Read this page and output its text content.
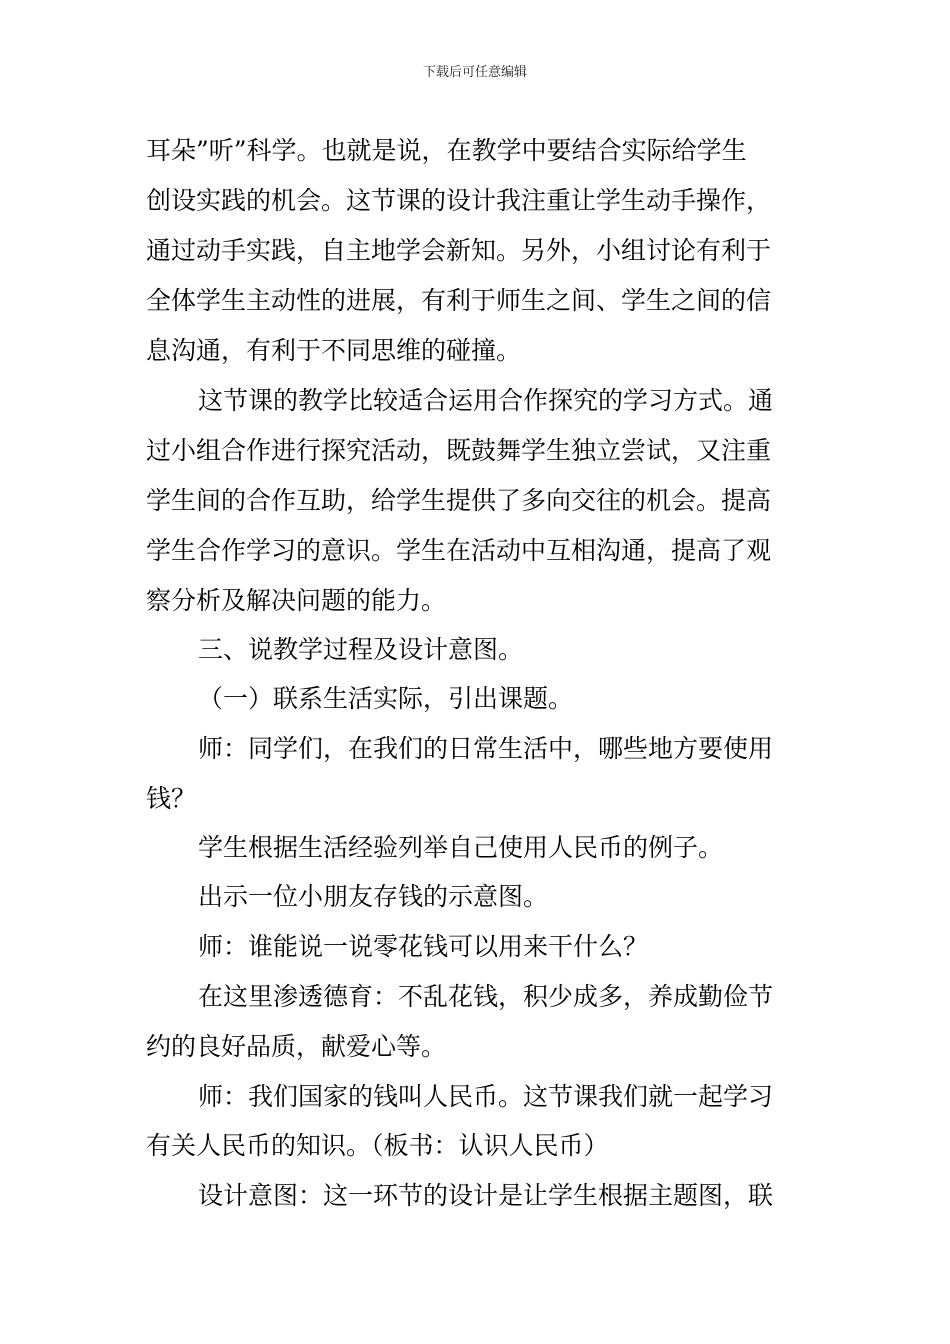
下载后可任意编辑
耳朵”听”科学。也就是说，在教学中要结合实际给学生
创设实践的机会。这节课的设计我注重让学生动手操作，
通过动手实践，自主地学会新知。另外，小组讨论有利于
全体学生主动性的进展，有利于师生之间、学生之间的信
息沟通，有利于不同思维的碰撞。
这节课的教学比较适合运用合作探究的学习方式。通
过小组合作进行探究活动，既鼓舞学生独立尝试，又注重
学生间的合作互助，给学生提供了多向交往的机会。提高
学生合作学习的意识。学生在活动中互相沟通，提高了观
察分析及解决问题的能力。
三、说教学过程及设计意图。
（一）联系生活实际，引出课题。
师：同学们，在我们的日常生活中，哪些地方要使用
钱？
学生根据生活经验列举自己使用人民币的例子。
出示一位小朋友存钱的示意图。
师：谁能说一说零花钱可以用来干什么？
在这里渗透德育：不乱花钱，积少成多，养成勤俭节
约的良好品质，献爱心等。
师：我们国家的钱叫人民币。这节课我们就一起学习
有关人民币的知识。（板书：认识人民币）
设计意图：这一环节的设计是让学生根据主题图，联
